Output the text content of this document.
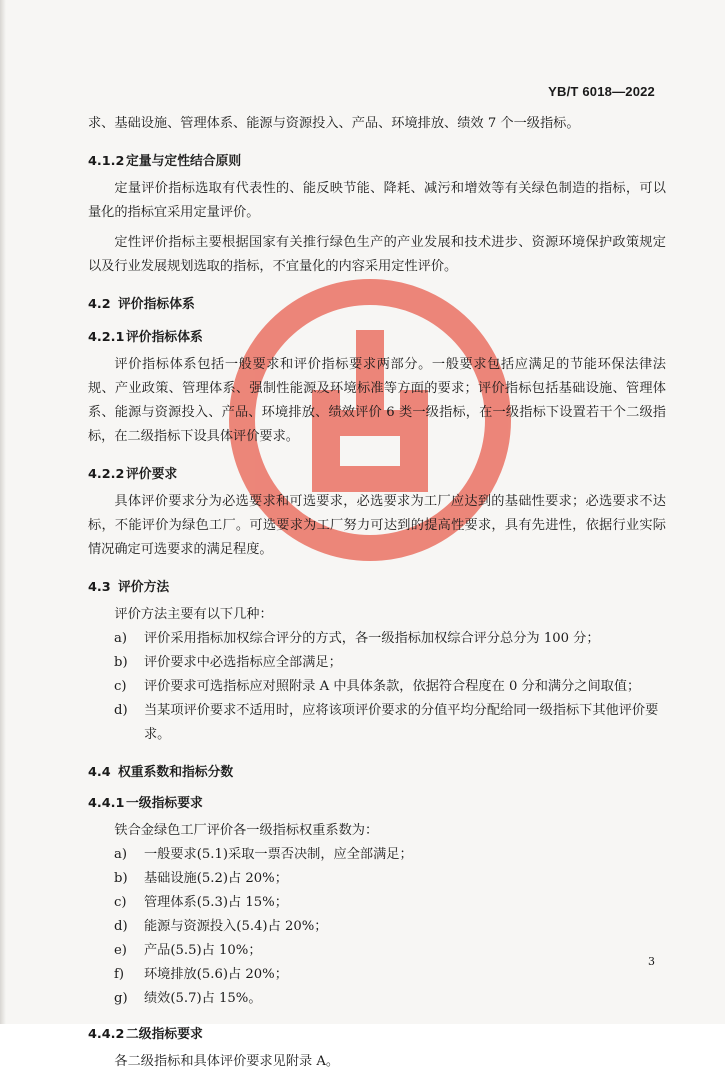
YB/T 6018—2022

求、基础设施、管理体系、能源与资源投入、产品、环境排放、绩效 7 个一级指标。

4.1.2 定量与定性结合原则

定量评价指标选取有代表性的、能反映节能、降耗、减污和增效等有关绿色制造的指标，可以量化的指标宜采用定量评价。

定性评价指标主要根据国家有关推行绿色生产的产业发展和技术进步、资源环境保护政策规定以及行业发展规划选取的指标，不宜量化的内容采用定性评价。

4.2 评价指标体系

4.2.1 评价指标体系

评价指标体系包括一般要求和评价指标要求两部分。一般要求包括应满足的节能环保法律法规、产业政策、管理体系、强制性能源及环境标准等方面的要求；评价指标包括基础设施、管理体系、能源与资源投入、产品、环境排放、绩效评价 6 类一级指标，在一级指标下设置若干个二级指标，在二级指标下设具体评价要求。

4.2.2 评价要求

具体评价要求分为必选要求和可选要求，必选要求为工厂应达到的基础性要求；必选要求不达标，不能评价为绿色工厂。可选要求为工厂努力可达到的提高性要求，具有先进性，依据行业实际情况确定可选要求的满足程度。

4.3 评价方法

评价方法主要有以下几种：

a) 评价采用指标加权综合评分的方式，各一级指标加权综合评分总分为 100 分；
b) 评价要求中必选指标应全部满足；
c) 评价要求可选指标应对照附录 A 中具体条款，依据符合程度在 0 分和满分之间取值；
d) 当某项评价要求不适用时，应将该项评价要求的分值平均分配给同一级指标下其他评价要求。

4.4 权重系数和指标分数

4.4.1 一级指标要求

铁合金绿色工厂评价各一级指标权重系数为：

a) 一般要求(5.1)采取一票否决制，应全部满足；
b) 基础设施(5.2)占 20%；
c) 管理体系(5.3)占 15%；
d) 能源与资源投入(5.4)占 20%；
e) 产品(5.5)占 10%；
f) 环境排放(5.6)占 20%；
g) 绩效(5.7)占 15%。

4.4.2 二级指标要求

各二级指标和具体评价要求见附录 A。

3
